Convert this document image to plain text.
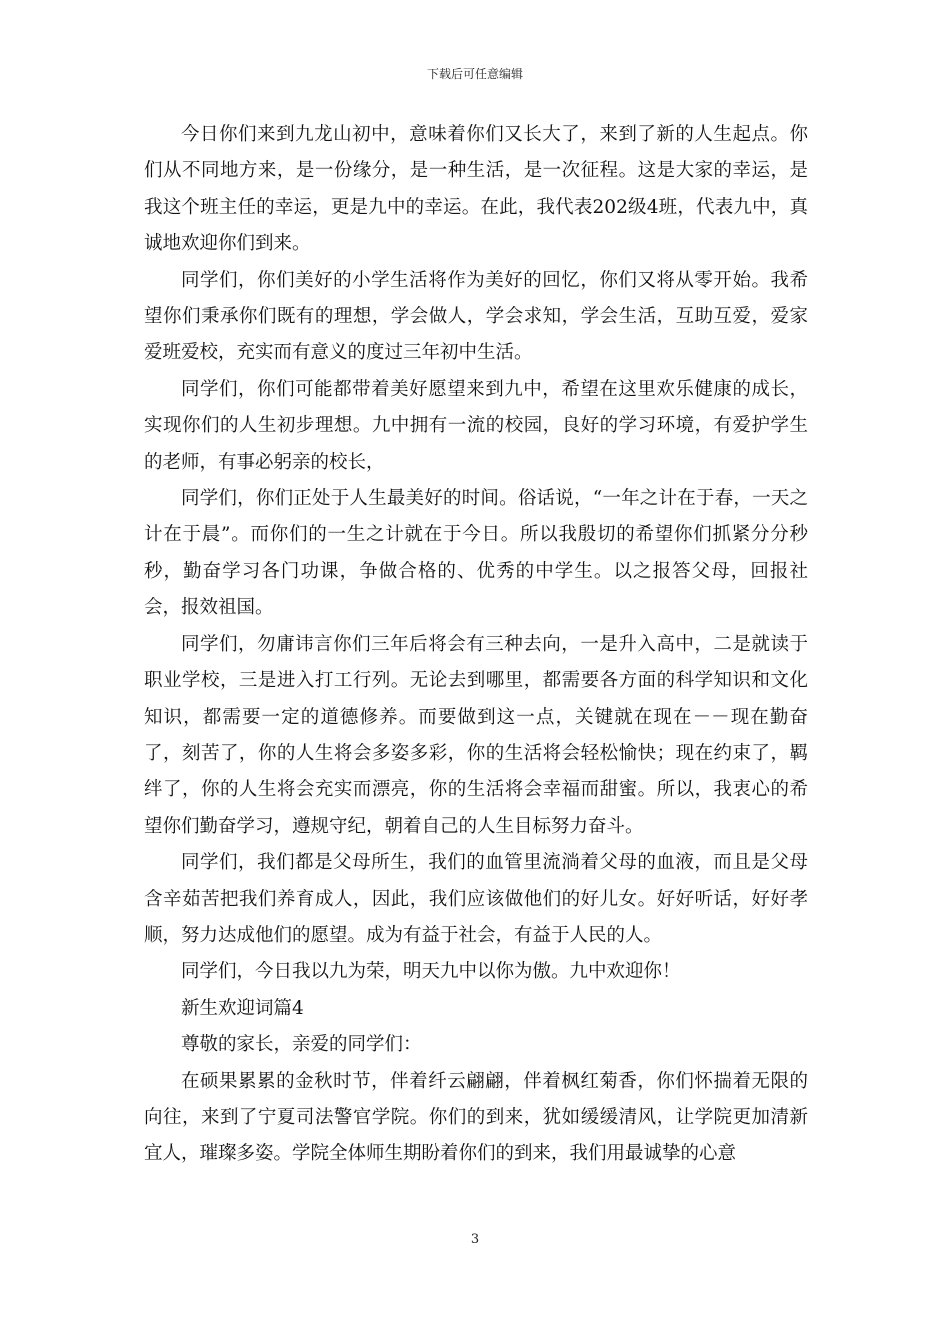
下载后可任意编辑

今日你们来到九龙山初中，意味着你们又长大了，来到了新的人生起点。你们从不同地方来，是一份缘分，是一种生活，是一次征程。这是大家的幸运，是我这个班主任的幸运，更是九中的幸运。在此，我代表202级4班，代表九中，真诚地欢迎你们到来。

同学们，你们美好的小学生活将作为美好的回忆，你们又将从零开始。我希望你们秉承你们既有的理想，学会做人，学会求知，学会生活，互助互爱，爱家爱班爱校，充实而有意义的度过三年初中生活。

同学们，你们可能都带着美好愿望来到九中，希望在这里欢乐健康的成长，实现你们的人生初步理想。九中拥有一流的校园，良好的学习环境，有爱护学生的老师，有事必躬亲的校长，

同学们，你们正处于人生最美好的时间。俗话说，“一年之计在于春，一天之计在于晨”。而你们的一生之计就在于今日。所以我殷切的希望你们抓紧分分秒秒，勤奋学习各门功课，争做合格的、优秀的中学生。以之报答父母，回报社会，报效祖国。

同学们，勿庸讳言你们三年后将会有三种去向，一是升入高中，二是就读于职业学校，三是进入打工行列。无论去到哪里，都需要各方面的科学知识和文化知识，都需要一定的道德修养。而要做到这一点，关键就在现在－－现在勤奋了，刻苦了，你的人生将会多姿多彩，你的生活将会轻松愉快；现在约束了，羁绊了，你的人生将会充实而漂亮，你的生活将会幸福而甜蜜。所以，我衷心的希望你们勤奋学习，遵规守纪，朝着自己的人生目标努力奋斗。

同学们，我们都是父母所生，我们的血管里流淌着父母的血液，而且是父母含辛茹苦把我们养育成人，因此，我们应该做他们的好儿女。好好听话，好好孝顺，努力达成他们的愿望。成为有益于社会，有益于人民的人。

同学们，今日我以九为荣，明天九中以你为傲。九中欢迎你！

新生欢迎词篇4

尊敬的家长，亲爱的同学们：

在硕果累累的金秋时节，伴着纤云翩翩，伴着枫红菊香，你们怀揣着无限的向往，来到了宁夏司法警官学院。你们的到来，犹如缓缓清风，让学院更加清新宜人，璀璨多姿。学院全体师生期盼着你们的到来，我们用最诚挚的心意

3
